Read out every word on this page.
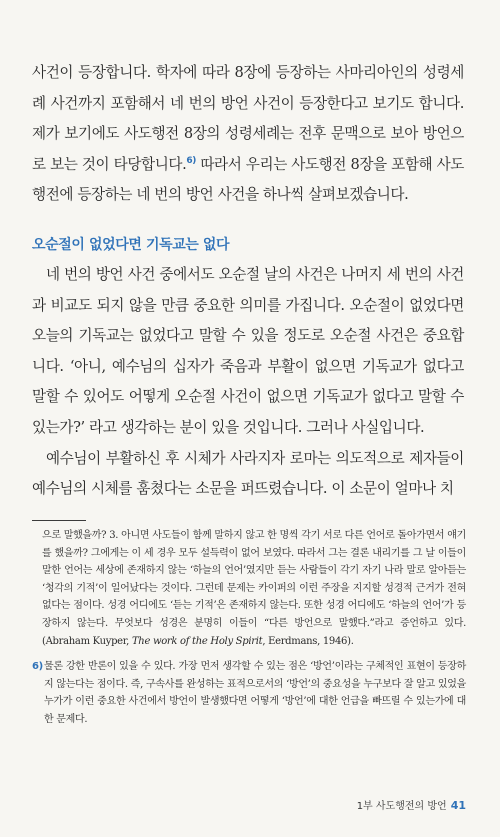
사건이 등장합니다. 학자에 따라 8장에 등장하는 사마리아인의 성령세례 사건까지 포함해서 네 번의 방언 사건이 등장한다고 보기도 합니다. 제가 보기에도 사도행전 8장의 성령세례는 전후 문맥으로 보아 방언으로 보는 것이 타당합니다.$^{6)}$ 따라서 우리는 사도행전 8장을 포함해 사도행전에 등장하는 네 번의 방언 사건을 하나씩 살펴보겠습니다.

오순절이 없었다면 기독교는 없다

네 번의 방언 사건 중에서도 오순절 날의 사건은 나머지 세 번의 사건과 비교도 되지 않을 만큼 중요한 의미를 가집니다. 오순절이 없었다면 오늘의 기독교는 없었다고 말할 수 있을 정도로 오순절 사건은 중요합니다. ‘아니, 예수님의 십자가 죽음과 부활이 없으면 기독교가 없다고 말할 수 있어도 어떻게 오순절 사건이 없으면 기독교가 없다고 말할 수 있는가?’ 라고 생각하는 분이 있을 것입니다. 그러나 사실입니다.

예수님이 부활하신 후 시체가 사라지자 로마는 의도적으로 제자들이 예수님의 시체를 훔쳤다는 소문을 퍼뜨렸습니다. 이 소문이 얼마나 치

으로 말했을까? 3. 아니면 사도들이 함께 말하지 않고 한 명씩 각기 서로 다른 언어로 돌아가면서 얘기를 했을까? 그에게는 이 세 경우 모두 설득력이 없어 보였다. 따라서 그는 결론 내리기를 그 날 이들이 말한 언어는 세상에 존재하지 않는 ‘하늘의 언어’였지만 듣는 사람들이 각기 자기 나라 말로 알아듣는 ‘청각의 기적’이 일어났다는 것이다. 그런데 문제는 카이퍼의 이런 주장을 지지할 성경적 근거가 전혀 없다는 점이다. 성경 어디에도 ‘듣는 기적’은 존재하지 않는다. 또한 성경 어디에도 ‘하늘의 언어’가 등장하지 않는다. 무엇보다 성경은 분명히 이들이 “다른 방언으로 말했다.”라고 증언하고 있다.(Abraham Kuyper, The work of the Holy Spirit, Eerdmans, 1946).

6) 물론 강한 반론이 있을 수 있다. 가장 먼저 생각할 수 있는 점은 ‘방언’이라는 구체적인 표현이 등장하지 않는다는 점이다. 즉, 구속사를 완성하는 표적으로서의 ‘방언’의 중요성을 누구보다 잘 알고 있었을 누가가 이런 중요한 사건에서 방언이 발생했다면 어떻게 ‘방언’에 대한 언급을 빠뜨릴 수 있는가에 대한 문제다.

1부 사도행전의 방언 41
